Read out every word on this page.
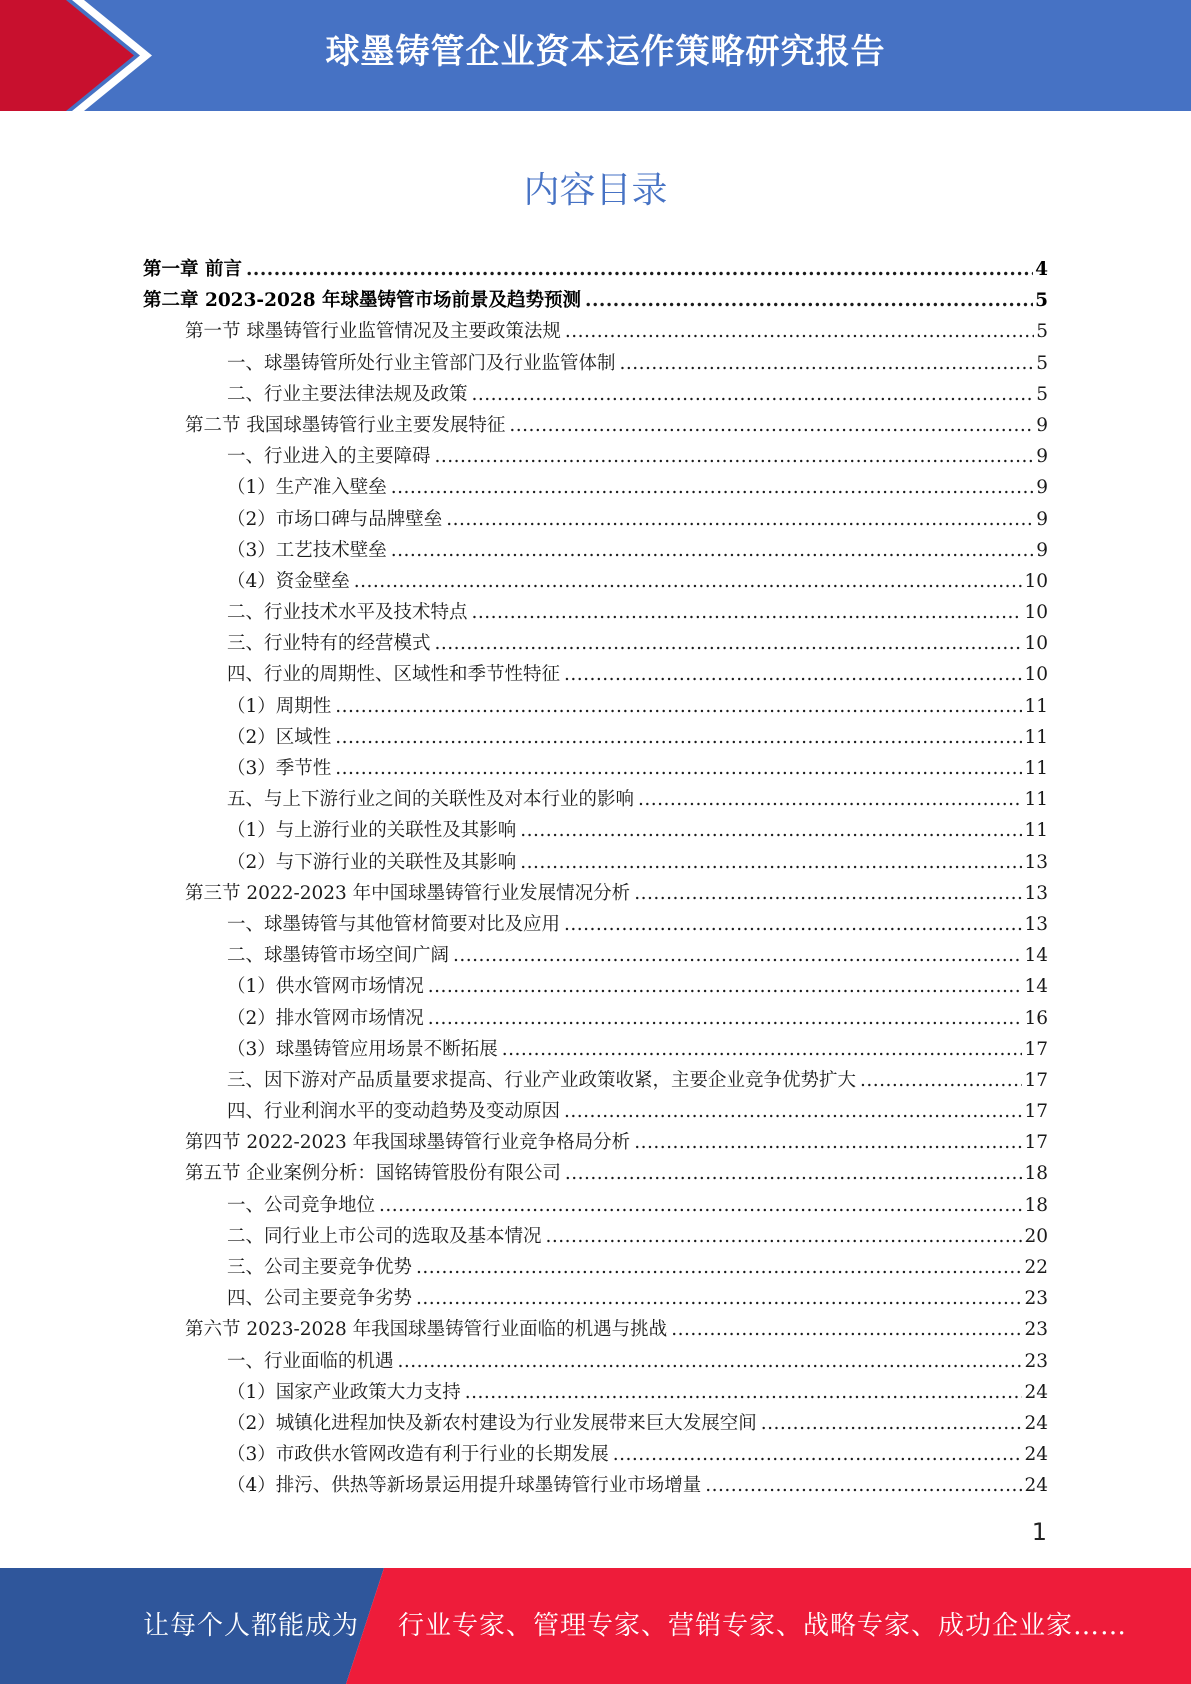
球墨铸管企业资本运作策略研究报告
内容目录
第一章 前言 .....	4
第二章 2023-2028 年球墨铸管市场前景及趋势预测 .....	5
第一节 球墨铸管行业监管情况及主要政策法规 .....	5
一、球墨铸管所处行业主管部门及行业监管体制 .....	5
二、行业主要法律法规及政策 .....	5
第二节 我国球墨铸管行业主要发展特征 .....	9
一、行业进入的主要障碍 .....	9
（1）生产准入壁垒 .....	9
（2）市场口碑与品牌壁垒 .....	9
（3）工艺技术壁垒 .....	9
（4）资金壁垒 .....	10
二、行业技术水平及技术特点 .....	10
三、行业特有的经营模式 .....	10
四、行业的周期性、区域性和季节性特征 .....	10
（1）周期性 .....	11
（2）区域性 .....	11
（3）季节性 .....	11
五、与上下游行业之间的关联性及对本行业的影响 .....	11
（1）与上游行业的关联性及其影响 .....	11
（2）与下游行业的关联性及其影响 .....	13
第三节 2022-2023 年中国球墨铸管行业发展情况分析 .....	13
一、球墨铸管与其他管材简要对比及应用 .....	13
二、球墨铸管市场空间广阔 .....	14
（1）供水管网市场情况 .....	14
（2）排水管网市场情况 .....	16
（3）球墨铸管应用场景不断拓展 .....	17
三、因下游对产品质量要求提高、行业产业政策收紧，主要企业竞争优势扩大 .....	17
四、行业利润水平的变动趋势及变动原因 .....	17
第四节 2022-2023 年我国球墨铸管行业竞争格局分析 .....	17
第五节 企业案例分析：国铭铸管股份有限公司 .....	18
一、公司竞争地位 .....	18
二、同行业上市公司的选取及基本情况 .....	20
三、公司主要竞争优势 .....	22
四、公司主要竞争劣势 .....	23
第六节 2023-2028 年我国球墨铸管行业面临的机遇与挑战 .....	23
一、行业面临的机遇 .....	23
（1）国家产业政策大力支持 .....	24
（2）城镇化进程加快及新农村建设为行业发展带来巨大发展空间 .....	24
（3）市政供水管网改造有利于行业的长期发展 .....	24
（4）排污、供热等新场景运用提升球墨铸管行业市场增量 .....	24
1
让每个人都能成为 行业专家、管理专家、营销专家、战略专家、成功企业家……
